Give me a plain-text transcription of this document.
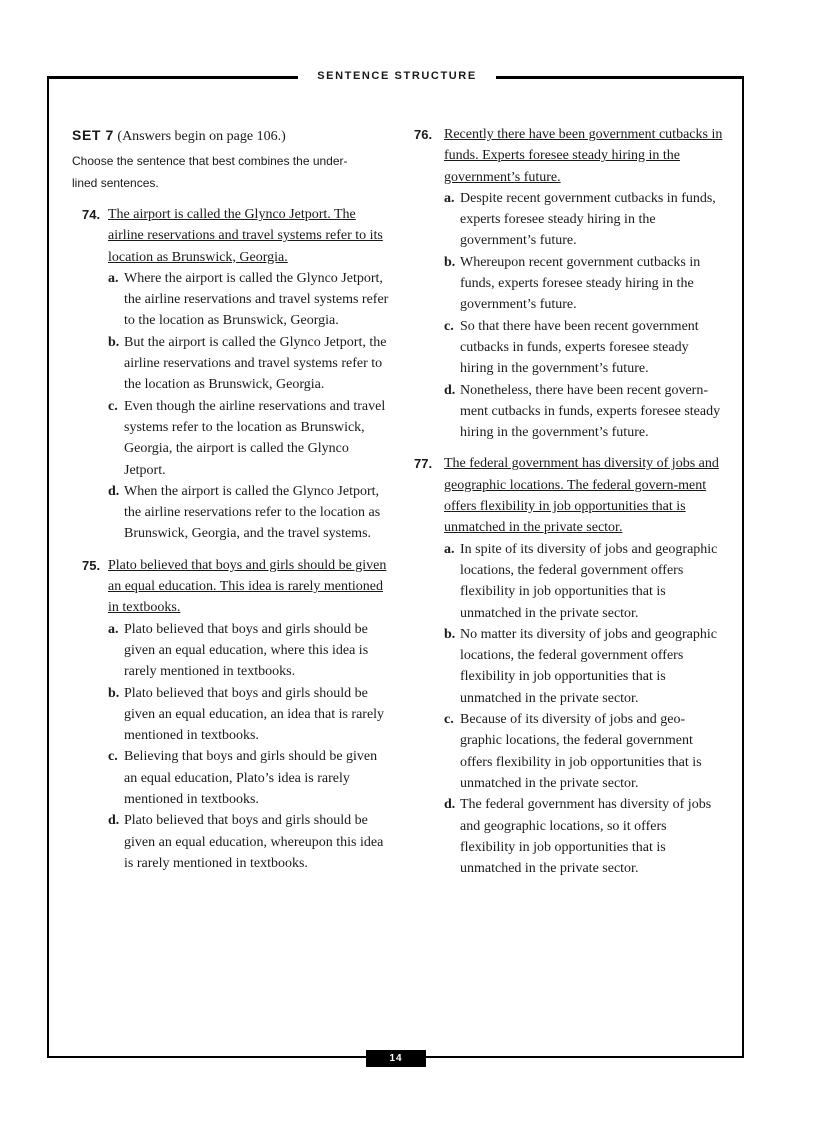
SENTENCE STRUCTURE
SET 7 (Answers begin on page 106.)
Choose the sentence that best combines the under-
lined sentences.
74. The airport is called the Glynco Jetport. The airline reservations and travel systems refer to its location as Brunswick, Georgia.
a. Where the airport is called the Glynco Jetport, the airline reservations and travel systems refer to the location as Brunswick, Georgia.
b. But the airport is called the Glynco Jetport, the airline reservations and travel systems refer to the location as Brunswick, Georgia.
c. Even though the airline reservations and travel systems refer to the location as Brunswick, Georgia, the airport is called the Glynco Jetport.
d. When the airport is called the Glynco Jetport, the airline reservations refer to the location as Brunswick, Georgia, and the travel systems.
75. Plato believed that boys and girls should be given an equal education. This idea is rarely mentioned in textbooks.
a. Plato believed that boys and girls should be given an equal education, where this idea is rarely mentioned in textbooks.
b. Plato believed that boys and girls should be given an equal education, an idea that is rarely mentioned in textbooks.
c. Believing that boys and girls should be given an equal education, Plato’s idea is rarely mentioned in textbooks.
d. Plato believed that boys and girls should be given an equal education, whereupon this idea is rarely mentioned in textbooks.
76. Recently there have been government cutbacks in funds. Experts foresee steady hiring in the government’s future.
a. Despite recent government cutbacks in funds, experts foresee steady hiring in the government’s future.
b. Whereupon recent government cutbacks in funds, experts foresee steady hiring in the government’s future.
c. So that there have been recent government cutbacks in funds, experts foresee steady hiring in the government’s future.
d. Nonetheless, there have been recent govern-ment cutbacks in funds, experts foresee steady hiring in the government’s future.
77. The federal government has diversity of jobs and geographic locations. The federal govern-ment offers flexibility in job opportunities that is unmatched in the private sector.
a. In spite of its diversity of jobs and geographic locations, the federal government offers flexibility in job opportunities that is unmatched in the private sector.
b. No matter its diversity of jobs and geographic locations, the federal government offers flexibility in job opportunities that is unmatched in the private sector.
c. Because of its diversity of jobs and geo-graphic locations, the federal government offers flexibility in job opportunities that is unmatched in the private sector.
d. The federal government has diversity of jobs and geographic locations, so it offers flexibility in job opportunities that is unmatched in the private sector.
14
